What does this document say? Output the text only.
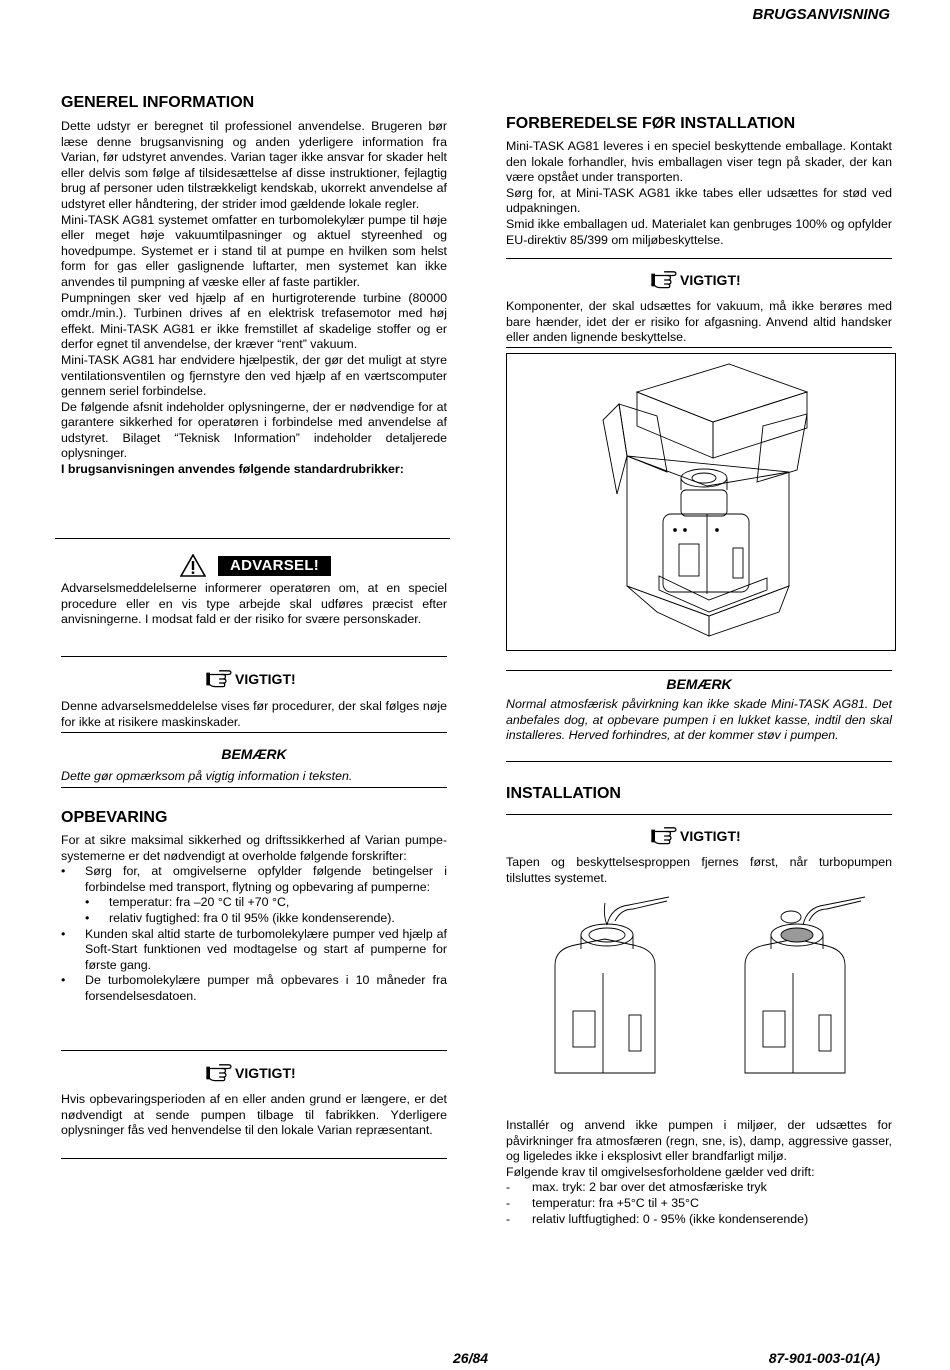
BRUGSANVISNING
GENEREL INFORMATION

Dette udstyr er beregnet til professionel anvendelse. Brugeren bør læse denne brugsanvisning og anden yderligere information fra Varian, før udstyret anvendes. Varian tager ikke ansvar for skader helt eller delvis som følge af tilsidesættelse af disse instruktioner, fejlagtig brug af personer uden tilstrækkeligt kendskab, ukorrekt anvendelse af udstyret eller håndtering, der strider imod gældende lokale regler.

Mini-TASK AG81 systemet omfatter en turbomolekylær pumpe til høje eller meget høje vakuumtilpasninger og aktuel styreenhed og hovedpumpe. Systemet er i stand til at pumpe en hvilken som helst form for gas eller gaslignende luftarter, men systemet kan ikke anvendes til pumpning af væske eller af faste partikler.

Pumpningen sker ved hjælp af en hurtigroterende turbine (80000 omdr./min.). Turbinen drives af en elektrisk trefasemotor med høj effekt. Mini-TASK AG81 er ikke fremstillet af skadelige stoffer og er derfor egnet til anvendelse, der kræver “rent” vakuum.

Mini-TASK AG81 har endvidere hjælpestik, der gør det muligt at styre ventilationsventilen og fjernstyre den ved hjælp af en værtscomputer gennem seriel forbindelse.

De følgende afsnit indeholder oplysningerne, der er nødvendige for at garantere sikkerhed for operatøren i forbindelse med anvendelse af udstyret. Bilaget “Teknisk Information” indeholder detaljerede oplysninger.

I brugsanvisningen anvendes følgende standardrubrikker:

ADVARSEL!

Advarselsmeddelelserne informerer operatøren om, at en speciel procedure eller en vis type arbejde skal udføres præcist efter anvisningerne. I modsat fald er der risiko for svære personskader.

VIGTIGT!

Denne advarselsmeddelelse vises før procedurer, der skal følges nøje for ikke at risikere maskinskader.

BEMÆRK

Dette gør opmærksom på vigtig information i teksten.

OPBEVARING

For at sikre maksimal sikkerhed og driftssikkerhed af Varian pumpe-systemerne er det nødvendigt at overholde følgende forskrifter:

• Sørg for, at omgivelserne opfylder følgende betingelser i forbindelse med transport, flytning og opbevaring af pumperne:
• temperatur: fra –20 °C til +70 °C,
• relativ fugtighed: fra 0 til 95% (ikke kondenserende).
• Kunden skal altid starte de turbomolekylære pumper ved hjælp af Soft-Start funktionen ved modtagelse og start af pumperne for første gang.
• De turbomolekylære pumper må opbevares i 10 måneder fra forsendelsesdatoen.
VIGTIGT!

Hvis opbevaringsperioden af en eller anden grund er længere, er det nødvendigt at sende pumpen tilbage til fabrikken. Yderligere oplysninger fås ved henvendelse til den lokale Varian repræsentant.

FORBEREDELSE FØR INSTALLATION

Mini-TASK AG81 leveres i en speciel beskyttende emballage. Kontakt den lokale forhandler, hvis emballagen viser tegn på skader, der kan være opstået under transporten.

Sørg for, at Mini-TASK AG81 ikke tabes eller udsættes for stød ved udpakningen.

Smid ikke emballagen ud. Materialet kan genbruges 100% og opfylder EU-direktiv 85/399 om miljøbeskyttelse.

VIGTIGT!

Komponenter, der skal udsættes for vakuum, må ikke berøres med bare hænder, idet der er risiko for afgasning. Anvend altid handsker eller anden lignende beskyttelse.

BEMÆRK

Normal atmosfærisk påvirkning kan ikke skade Mini-TASK AG81. Det anbefales dog, at opbevare pumpen i en lukket kasse, indtil den skal installeres. Herved forhindres, at der kommer støv i pumpen.

INSTALLATION
VIGTIGT!

Tapen og beskyttelsesproppen fjernes først, når turbopumpen tilsluttes systemet.

Installér og anvend ikke pumpen i miljøer, der udsættes for påvirkninger fra atmosfæren (regn, sne, is), damp, aggressive gasser, og ligeledes ikke i eksplosivt eller brandfarligt miljø.

Følgende krav til omgivelsesforholdene gælder ved drift:

- max. tryk: 2 bar over det atmosfæriske tryk
- temperatur: fra +5°C til + 35°C
- relativ luftfugtighed: 0 - 95% (ikke kondenserende)
26/84	87-901-003-01(A)
